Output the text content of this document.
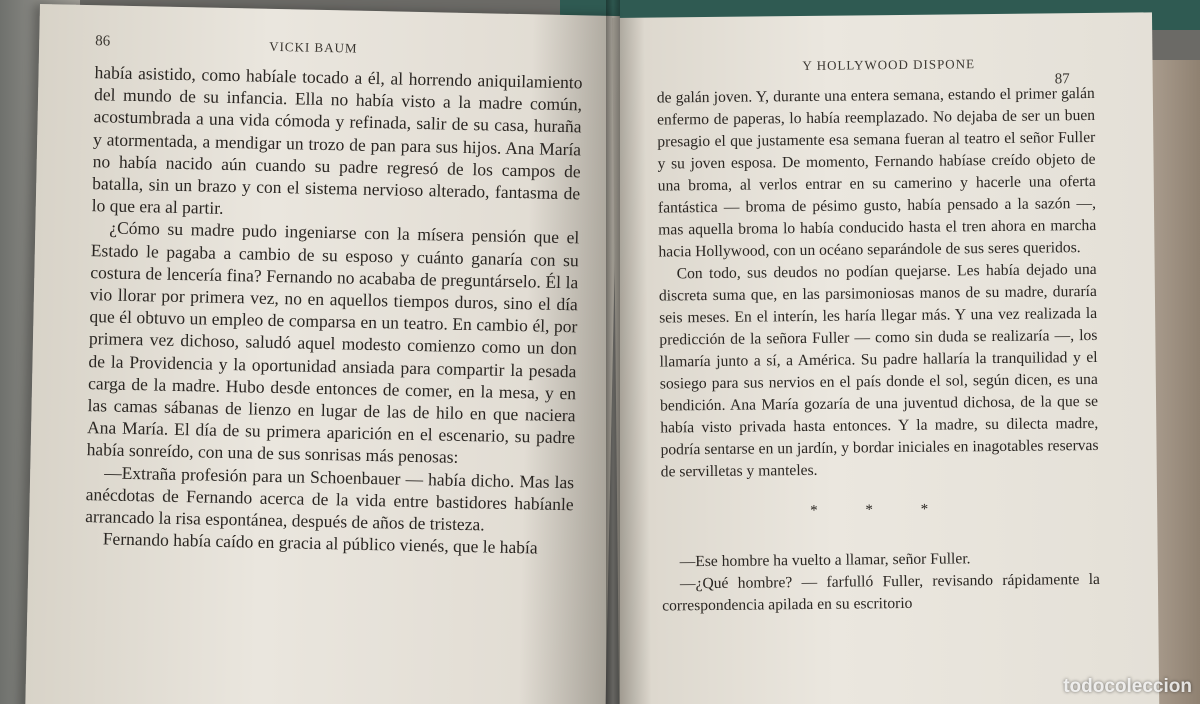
86	VICKI BAUM

había asistido, como habíale tocado a él, al horrendo aniquilamiento del mundo de su infancia. Ella no había visto a la madre común, acostumbrada a una vida cómoda y refinada, salir de su casa, huraña y atormentada, a mendigar un trozo de pan para sus hijos. Ana María no había nacido aún cuando su padre regresó de los campos de batalla, sin un brazo y con el sistema nervioso alterado, fantasma de lo que era al partir.

¿Cómo su madre pudo ingeniarse con la mísera pensión que el Estado le pagaba a cambio de su esposo y cuánto ganaría con su costura de lencería fina? Fernando no acababa de preguntárselo. Él la vio llorar por primera vez, no en aquellos tiempos duros, sino el día que él obtuvo un empleo de comparsa en un teatro. En cambio él, por primera vez dichoso, saludó aquel modesto comienzo como un don de la Providencia y la oportunidad ansiada para compartir la pesada carga de la madre. Hubo desde entonces de comer, en la mesa, y en las camas sábanas de lienzo en lugar de las de hilo en que naciera Ana María. El día de su primera aparición en el escenario, su padre había sonreído, con una de sus sonrisas más penosas:

—Extraña profesión para un Schoenbauer — había dicho. Mas las anécdotas de Fernando acerca de la vida entre bastidores habíanle arrancado la risa espontánea, después de años de tristeza.

Fernando había caído en gracia al público vienés, que le había

Y HOLLYWOOD DISPONE
87

de galán joven. Y, durante una entera semana, estando el primer galán enfermo de paperas, lo había reemplazado. No dejaba de ser un buen presagio el que justamente esa semana fueran al teatro el señor Fuller y su joven esposa. De momento, Fernando habíase creído objeto de una broma, al verlos entrar en su camerino y hacerle una oferta fantástica — broma de pésimo gusto, había pensado a la sazón —, mas aquella broma lo había conducido hasta el tren ahora en marcha hacia Hollywood, con un océano separándole de sus seres queridos.

Con todo, sus deudos no podían quejarse. Les había dejado una discreta suma que, en las parsimoniosas manos de su madre, duraría seis meses. En el interín, les haría llegar más. Y una vez realizada la predicción de la señora Fuller — como sin duda se realizaría —, los llamaría junto a sí, a América. Su padre hallaría la tranquilidad y el sosiego para sus nervios en el país donde el sol, según dicen, es una bendición. Ana María gozaría de una juventud dichosa, de la que se había visto privada hasta entonces. Y la madre, su dilecta madre, podría sentarse en un jardín, y bordar iniciales en inagotables reservas de servilletas y manteles.

* * *

—Ese hombre ha vuelto a llamar, señor Fuller.

—¿Qué hombre? — farfulló Fuller, revisando rápidamente la correspondencia apilada en su escritorio

todocoleccion
